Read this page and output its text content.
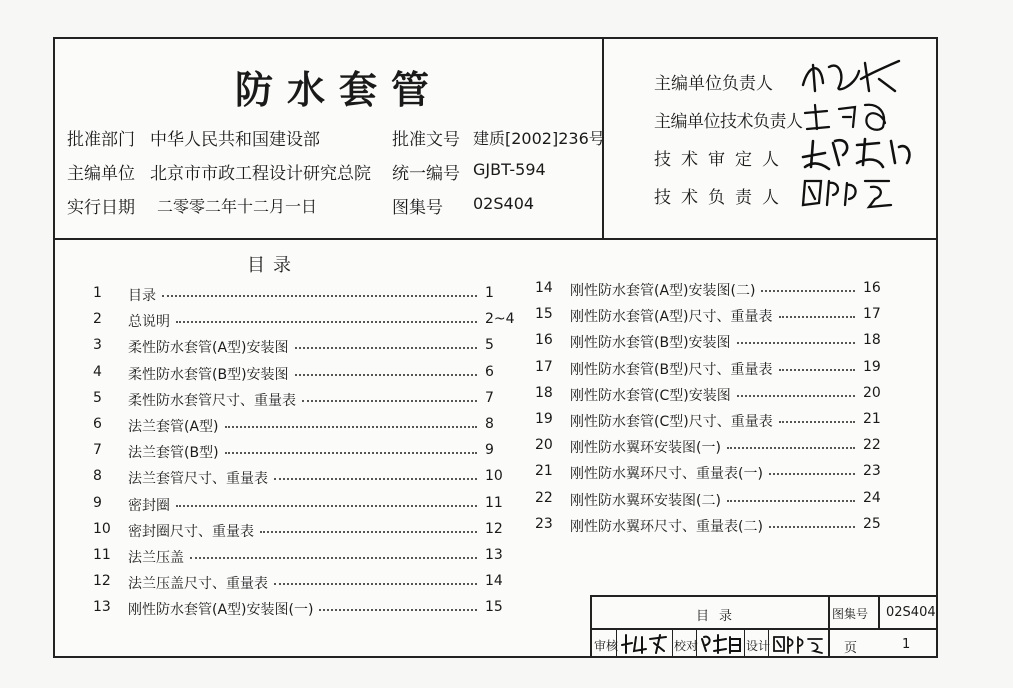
防水套管
批准部门 中华人民共和国建设部	批准文号 建质[2002]236号
主编单位 北京市市政工程设计研究总院 统一编号 GJBT-594
实行日期 二零零二年十二月一日	图集号 02S404
主编单位负责人
主编单位技术负责人
技术审定人
技术负责人
目录
1	目录	1
2	总说明	2~4
3	柔性防水套管(A型)安装图	5
4	柔性防水套管(B型)安装图	6
5	柔性防水套管尺寸、重量表	7
6	法兰套管(A型)	8
7	法兰套管(B型)	9
8	法兰套管尺寸、重量表	10
9	密封圈	11
10	密封圈尺寸、重量表	12
11	法兰压盖	13
12	法兰压盖尺寸、重量表	14
13	刚性防水套管(A型)安装图(一)	15
14	刚性防水套管(A型)安装图(二)	16
15	刚性防水套管(A型)尺寸、重量表	17
16	刚性防水套管(B型)安装图	18
17	刚性防水套管(B型)尺寸、重量表	19
18	刚性防水套管(C型)安装图	20
19	刚性防水套管(C型)尺寸、重量表	21
20	刚性防水翼环安装图(一)	22
21	刚性防水翼环尺寸、重量表(一)	23
22	刚性防水翼环安装图(二)	24
23	刚性防水翼环尺寸、重量表(二)	25
目录	图集号 02S404
审核	校对	设计	页	1
